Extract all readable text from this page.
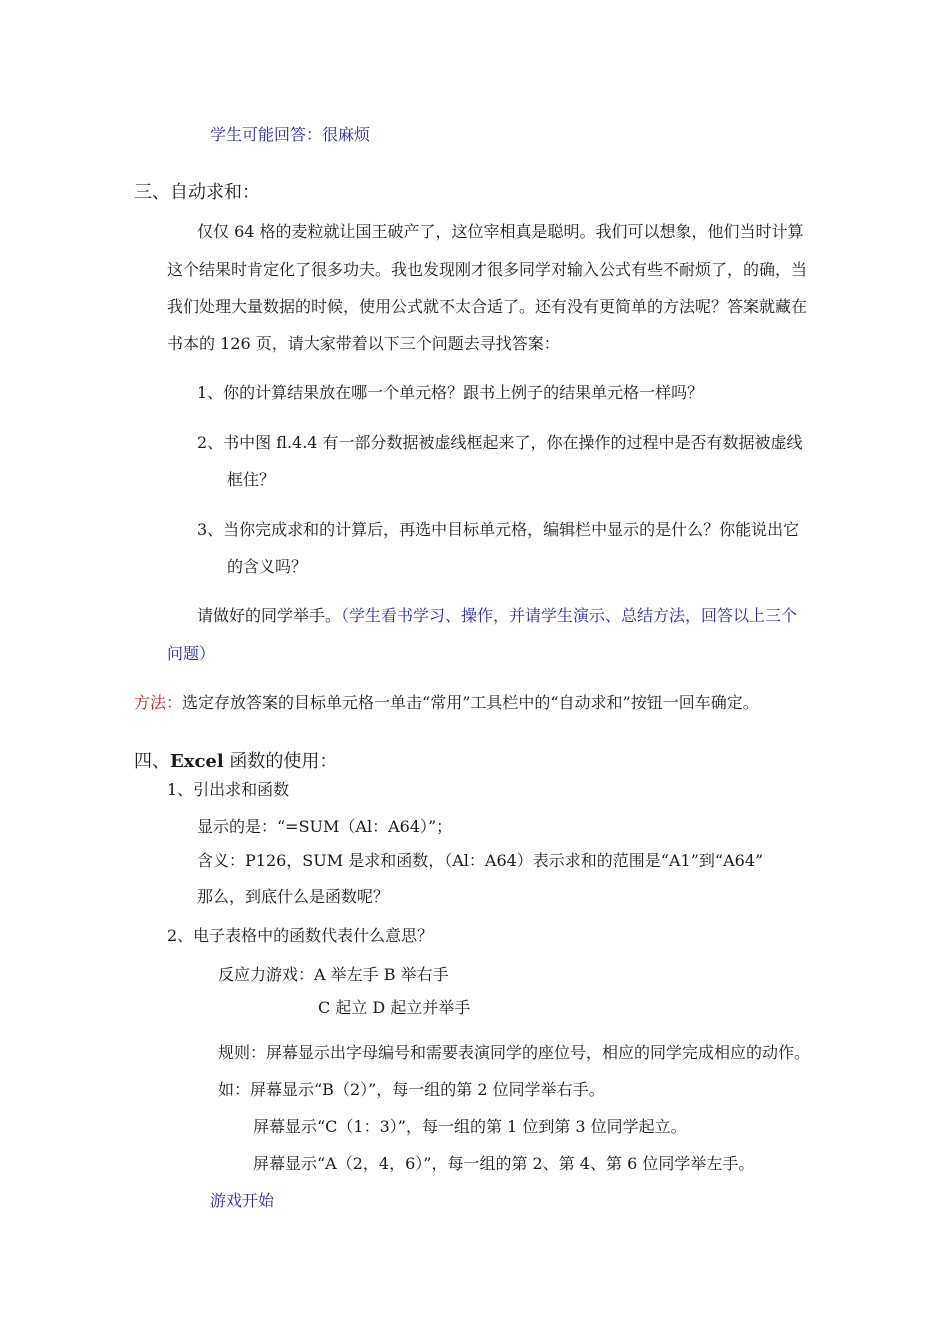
学生可能回答：很麻烦
三、自动求和：
仅仅 64 格的麦粒就让国王破产了，这位宰相真是聪明。我们可以想象，他们当时计算
这个结果时肯定化了很多功夫。我也发现刚才很多同学对输入公式有些不耐烦了，的确，当
我们处理大量数据的时候，使用公式就不太合适了。还有没有更简单的方法呢？答案就藏在
书本的 126 页，请大家带着以下三个问题去寻找答案：
1、你的计算结果放在哪一个单元格？跟书上例子的结果单元格一样吗？
2、书中图 fl.4.4 有一部分数据被虚线框起来了，你在操作的过程中是否有数据被虚线
框住？
3、当你完成求和的计算后，再选中目标单元格，编辑栏中显示的是什么？你能说出它
的含义吗？
请做好的同学举手。（学生看书学习、操作，并请学生演示、总结方法，回答以上三个
问题）
方法：选定存放答案的目标单元格一单击“常用”工具栏中的“自动求和”按钮一回车确定。
四、Excel 函数的使用：
1、引出求和函数
显示的是：“=SUM（Al：A64）”；
含义：P126，SUM 是求和函数，（Al：A64）表示求和的范围是“A1”到“A64”
那么，到底什么是函数呢？
2、电子表格中的函数代表什么意思？
反应力游戏：A 举左手 B 举右手
C 起立 D 起立并举手
规则：屏幕显示出字母编号和需要表演同学的座位号，相应的同学完成相应的动作。
如：屏幕显示“B（2）”，每一组的第 2 位同学举右手。
屏幕显示“C（1：3）”，每一组的第 1 位到第 3 位同学起立。
屏幕显示“A（2，4，6）”，每一组的第 2、第 4、第 6 位同学举左手。
游戏开始
